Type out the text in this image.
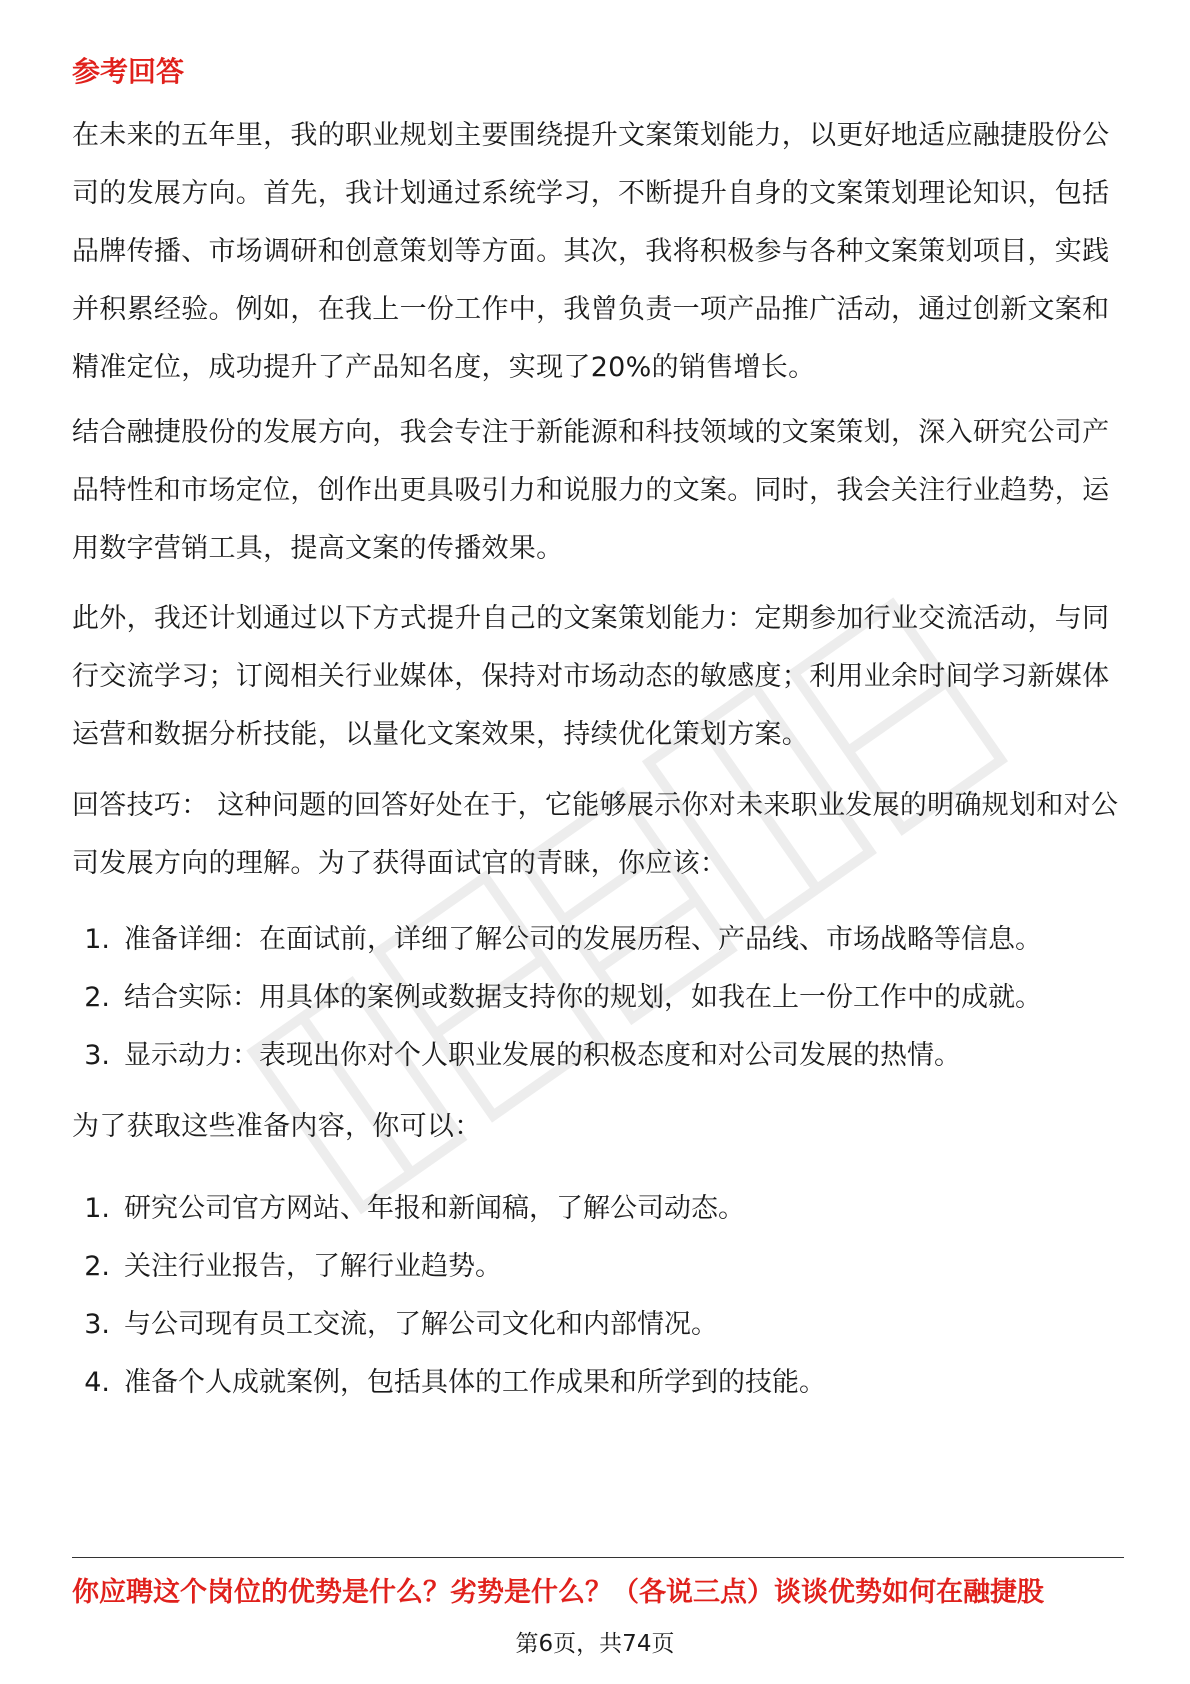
参考回答

在未来的五年里，我的职业规划主要围绕提升文案策划能力，以更好地适应融捷股份公司的发展方向。首先，我计划通过系统学习，不断提升自身的文案策划理论知识，包括品牌传播、市场调研和创意策划等方面。其次，我将积极参与各种文案策划项目，实践并积累经验。例如，在我上一份工作中，我曾负责一项产品推广活动，通过创新文案和精准定位，成功提升了产品知名度，实现了20%的销售增长。

结合融捷股份的发展方向，我会专注于新能源和科技领域的文案策划，深入研究公司产品特性和市场定位，创作出更具吸引力和说服力的文案。同时，我会关注行业趋势，运用数字营销工具，提高文案的传播效果。

此外，我还计划通过以下方式提升自己的文案策划能力：定期参加行业交流活动，与同行交流学习；订阅相关行业媒体，保持对市场动态的敏感度；利用业余时间学习新媒体运营和数据分析技能，以量化文案效果，持续优化策划方案。

回答技巧： 这种问题的回答好处在于，它能够展示你对未来职业发展的明确规划和对公司发展方向的理解。为了获得面试官的青睐，你应该：

1. 准备详细：在面试前，详细了解公司的发展历程、产品线、市场战略等信息。
2. 结合实际：用具体的案例或数据支持你的规划，如我在上一份工作中的成就。
3. 显示动力：表现出你对个人职业发展的积极态度和对公司发展的热情。

为了获取这些准备内容，你可以：

1. 研究公司官方网站、年报和新闻稿，了解公司动态。
2. 关注行业报告，了解行业趋势。
3. 与公司现有员工交流，了解公司文化和内部情况。
4. 准备个人成就案例，包括具体的工作成果和所学到的技能。
你应聘这个岗位的优势是什么？劣势是什么？（各说三点）谈谈优势如何在融捷股
第6页，共74页
